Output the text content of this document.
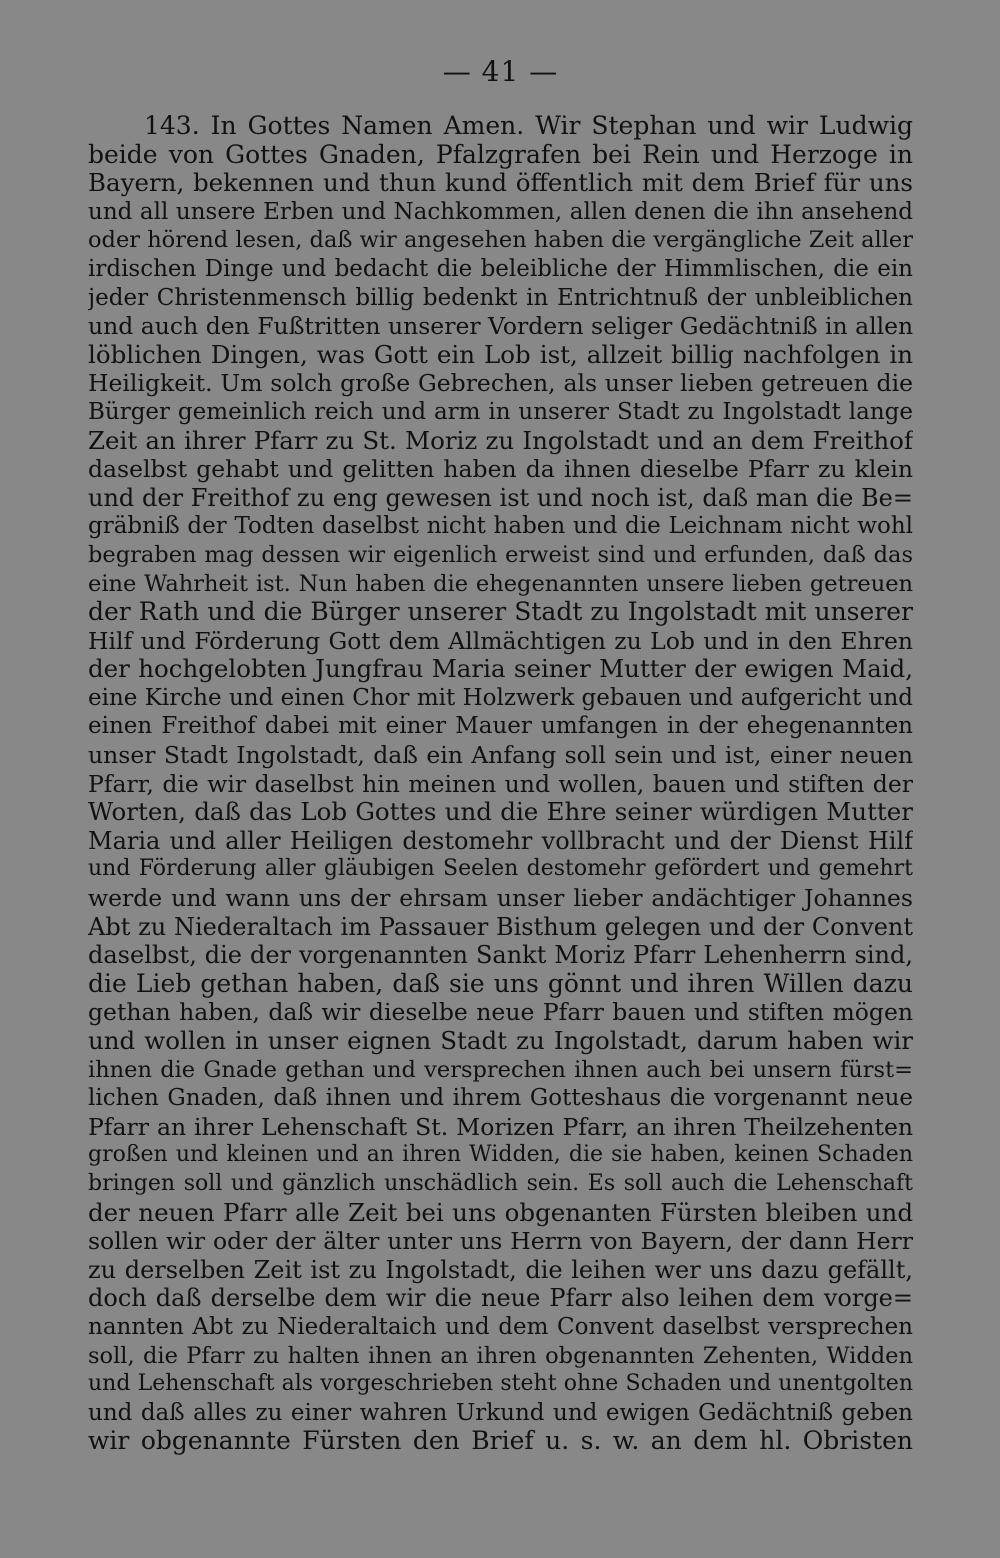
— 41 —
143. In Gottes Namen Amen. Wir Stephan und wir Ludwig
beide von Gottes Gnaden, Pfalzgrafen bei Rein und Herzoge in
Bayern, bekennen und thun kund öffentlich mit dem Brief für uns
und all unsere Erben und Nachkommen, allen denen die ihn ansehend
oder hörend lesen, daß wir angesehen haben die vergängliche Zeit aller
irdischen Dinge und bedacht die beleibliche der Himmlischen, die ein
jeder Christenmensch billig bedenkt in Entrichtnuß der unbleiblichen
und auch den Fußtritten unserer Vordern seliger Gedächtniß in allen
löblichen Dingen, was Gott ein Lob ist, allzeit billig nachfolgen in
Heiligkeit. Um solch große Gebrechen, als unser lieben getreuen die
Bürger gemeinlich reich und arm in unserer Stadt zu Ingolstadt lange
Zeit an ihrer Pfarr zu St. Moriz zu Ingolstadt und an dem Freithof
daselbst gehabt und gelitten haben da ihnen dieselbe Pfarr zu klein
und der Freithof zu eng gewesen ist und noch ist, daß man die Be=
gräbniß der Todten daselbst nicht haben und die Leichnam nicht wohl
begraben mag dessen wir eigenlich erweist sind und erfunden, daß das
eine Wahrheit ist. Nun haben die ehegenannten unsere lieben getreuen
der Rath und die Bürger unserer Stadt zu Ingolstadt mit unserer
Hilf und Förderung Gott dem Allmächtigen zu Lob und in den Ehren
der hochgelobten Jungfrau Maria seiner Mutter der ewigen Maid,
eine Kirche und einen Chor mit Holzwerk gebauen und aufgericht und
einen Freithof dabei mit einer Mauer umfangen in der ehegenannten
unser Stadt Ingolstadt, daß ein Anfang soll sein und ist, einer neuen
Pfarr, die wir daselbst hin meinen und wollen, bauen und stiften der
Worten, daß das Lob Gottes und die Ehre seiner würdigen Mutter
Maria und aller Heiligen destomehr vollbracht und der Dienst Hilf
und Förderung aller gläubigen Seelen destomehr gefördert und gemehrt
werde und wann uns der ehrsam unser lieber andächtiger Johannes
Abt zu Niederaltach im Passauer Bisthum gelegen und der Convent
daselbst, die der vorgenannten Sankt Moriz Pfarr Lehenherrn sind,
die Lieb gethan haben, daß sie uns gönnt und ihren Willen dazu
gethan haben, daß wir dieselbe neue Pfarr bauen und stiften mögen
und wollen in unser eignen Stadt zu Ingolstadt, darum haben wir
ihnen die Gnade gethan und versprechen ihnen auch bei unsern fürst=
lichen Gnaden, daß ihnen und ihrem Gotteshaus die vorgenannt neue
Pfarr an ihrer Lehenschaft St. Morizen Pfarr, an ihren Theilzehenten
großen und kleinen und an ihren Widden, die sie haben, keinen Schaden
bringen soll und gänzlich unschädlich sein. Es soll auch die Lehenschaft
der neuen Pfarr alle Zeit bei uns obgenanten Fürsten bleiben und
sollen wir oder der älter unter uns Herrn von Bayern, der dann Herr
zu derselben Zeit ist zu Ingolstadt, die leihen wer uns dazu gefällt,
doch daß derselbe dem wir die neue Pfarr also leihen dem vorge=
nannten Abt zu Niederaltaich und dem Convent daselbst versprechen
soll, die Pfarr zu halten ihnen an ihren obgenannten Zehenten, Widden
und Lehenschaft als vorgeschrieben steht ohne Schaden und unentgolten
und daß alles zu einer wahren Urkund und ewigen Gedächtniß geben
wir obgenannte Fürsten den Brief u. s. w. an dem hl. Obristen
